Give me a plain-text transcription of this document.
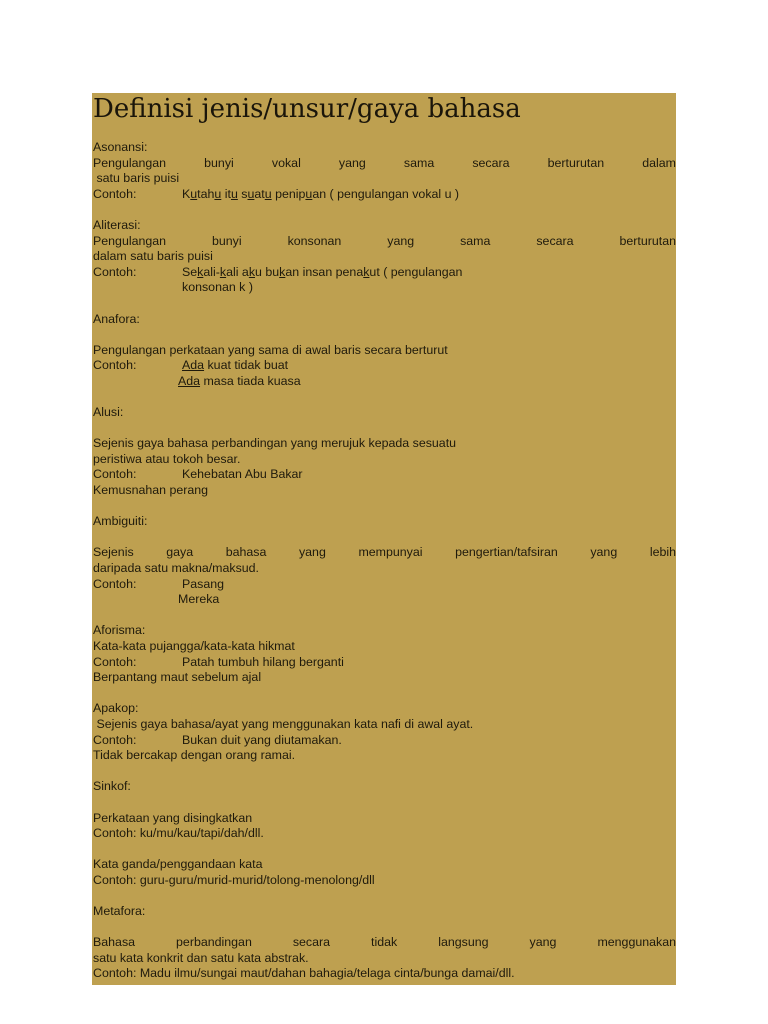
Definisi jenis/unsur/gaya bahasa
Asonansi:
Pengulangan bunyi vokal yang sama secara berturutan dalam
satu baris puisi
Contoh:	Kutahu itu suatu penipuan ( pengulangan vokal u )
Aliterasi:
Pengulangan bunyi konsonan yang sama secara berturutan
dalam satu baris puisi
Contoh:	Sekali-kali aku bukan insan penakut ( pengulangan
konsonan k )
Anafora:
Pengulangan perkataan yang sama di awal baris secara berturut
Contoh:	Ada kuat tidak buat
Ada masa tiada kuasa
Alusi:
Sejenis gaya bahasa perbandingan yang merujuk kepada sesuatu
peristiwa atau tokoh besar.
Contoh:	Kehebatan Abu Bakar
Kemusnahan perang
Ambiguiti:
Sejenis gaya bahasa yang mempunyai pengertian/tafsiran yang lebih
daripada satu makna/maksud.
Contoh:	Pasang
Mereka
Aforisma:
Kata-kata pujangga/kata-kata hikmat
Contoh:	Patah tumbuh hilang berganti
Berpantang maut sebelum ajal
Apakop:
Sejenis gaya bahasa/ayat yang menggunakan kata nafi di awal ayat.
Contoh:	Bukan duit yang diutamakan.
Tidak bercakap dengan orang ramai.
Sinkof:
Perkataan yang disingkatkan
Contoh: ku/mu/kau/tapi/dah/dll.
Kata ganda/penggandaan kata
Contoh: guru-guru/murid-murid/tolong-menolong/dll
Metafora:
Bahasa perbandingan secara tidak langsung yang menggunakan
satu kata konkrit dan satu kata abstrak.
Contoh: Madu ilmu/sungai maut/dahan bahagia/telaga cinta/bunga damai/dll.
